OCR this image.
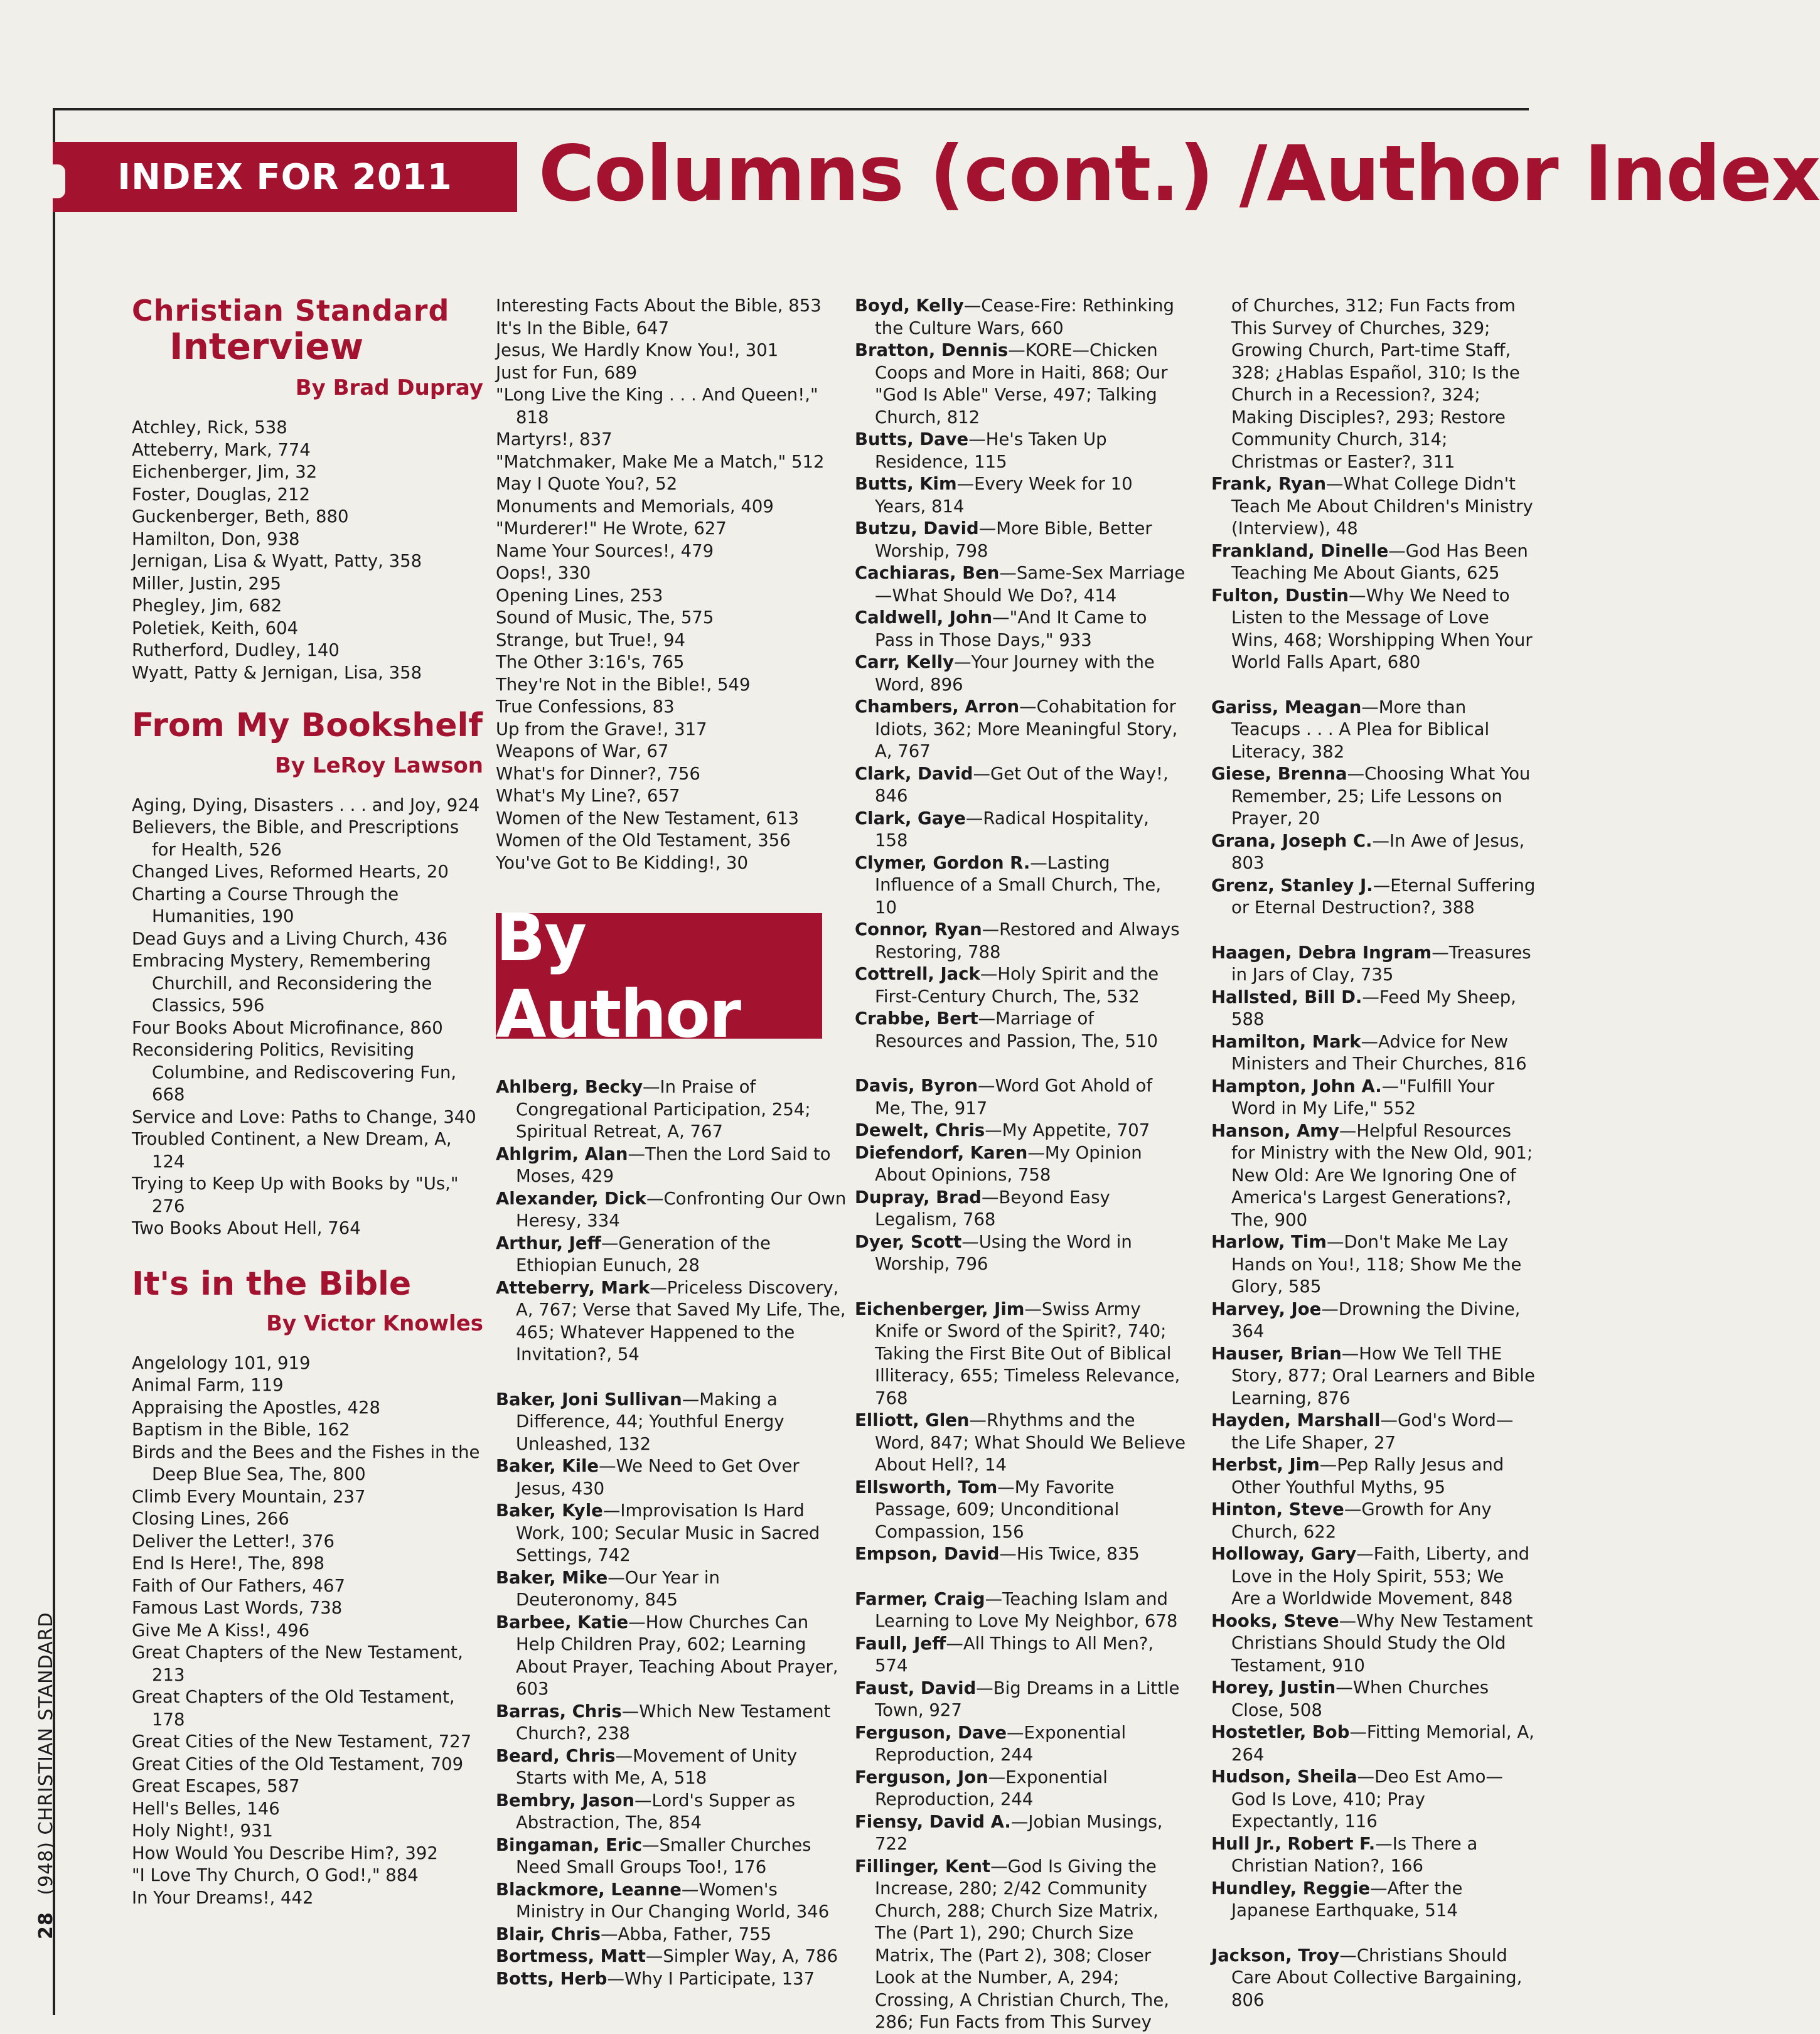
INDEX FOR 2011 Columns (cont.) /Author Index
28 (948) CHRISTIAN STANDARD
Christian Standard
Interview
By Brad Dupray
Atchley, Rick, 538
Atteberry, Mark, 774
Eichenberger, Jim, 32
Foster, Douglas, 212
Guckenberger, Beth, 880
Hamilton, Don, 938
Jernigan, Lisa & Wyatt, Patty, 358
Miller, Justin, 295
Phegley, Jim, 682
Poletiek, Keith, 604
Rutherford, Dudley, 140
Wyatt, Patty & Jernigan, Lisa, 358
From My Bookshelf
By LeRoy Lawson
Aging, Dying, Disasters . . . and Joy, 924
Believers, the Bible, and Prescriptions for Health, 526
Changed Lives, Reformed Hearts, 20
Charting a Course Through the Humanities, 190
Dead Guys and a Living Church, 436
Embracing Mystery, Remembering Churchill, and Reconsidering the Classics, 596
Four Books About Microfinance, 860
Reconsidering Politics, Revisiting Columbine, and Rediscovering Fun, 668
Service and Love: Paths to Change, 340
Troubled Continent, a New Dream, A, 124
Trying to Keep Up with Books by "Us," 276
Two Books About Hell, 764
It's in the Bible
By Victor Knowles
Angelology 101, 919
Animal Farm, 119
Appraising the Apostles, 428
Baptism in the Bible, 162
Birds and the Bees and the Fishes in the Deep Blue Sea, The, 800
Climb Every Mountain, 237
Closing Lines, 266
Deliver the Letter!, 376
End Is Here!, The, 898
Faith of Our Fathers, 467
Famous Last Words, 738
Give Me A Kiss!, 496
Great Chapters of the New Testament, 213
Great Chapters of the Old Testament, 178
Great Cities of the New Testament, 727
Great Cities of the Old Testament, 709
Great Escapes, 587
Hell's Belles, 146
Holy Night!, 931
How Would You Describe Him?, 392
"I Love Thy Church, O God!," 884
In Your Dreams!, 442
Interesting Facts About the Bible, 853
It's In the Bible, 647
Jesus, We Hardly Know You!, 301
Just for Fun, 689
"Long Live the King . . . And Queen!," 818
Martyrs!, 837
"Matchmaker, Make Me a Match," 512
May I Quote You?, 52
Monuments and Memorials, 409
"Murderer!" He Wrote, 627
Name Your Sources!, 479
Oops!, 330
Opening Lines, 253
Sound of Music, The, 575
Strange, but True!, 94
The Other 3:16's, 765
They're Not in the Bible!, 549
True Confessions, 83
Up from the Grave!, 317
Weapons of War, 67
What's for Dinner?, 756
What's My Line?, 657
Women of the New Testament, 613
Women of the Old Testament, 356
You've Got to Be Kidding!, 30
By Author
Ahlberg, Becky—In Praise of Congregational Participation, 254; Spiritual Retreat, A, 767
Ahlgrim, Alan—Then the Lord Said to Moses, 429
Alexander, Dick—Confronting Our Own Heresy, 334
Arthur, Jeff—Generation of the Ethiopian Eunuch, 28
Atteberry, Mark—Priceless Discovery, A, 767; Verse that Saved My Life, The, 465; Whatever Happened to the Invitation?, 54
Baker, Joni Sullivan—Making a Difference, 44; Youthful Energy Unleashed, 132
Baker, Kile—We Need to Get Over Jesus, 430
Baker, Kyle—Improvisation Is Hard Work, 100; Secular Music in Sacred Settings, 742
Baker, Mike—Our Year in Deuteronomy, 845
Barbee, Katie—How Churches Can Help Children Pray, 602; Learning About Prayer, Teaching About Prayer, 603
Barras, Chris—Which New Testament Church?, 238
Beard, Chris—Movement of Unity Starts with Me, A, 518
Bembry, Jason—Lord's Supper as Abstraction, The, 854
Bingaman, Eric—Smaller Churches Need Small Groups Too!, 176
Blackmore, Leanne—Women's Ministry in Our Changing World, 346
Blair, Chris—Abba, Father, 755
Bortmess, Matt—Simpler Way, A, 786
Botts, Herb—Why I Participate, 137
Boyd, Kelly—Cease-Fire: Rethinking the Culture Wars, 660
Bratton, Dennis—KORE—Chicken Coops and More in Haiti, 868; Our "God Is Able" Verse, 497; Talking Church, 812
Butts, Dave—He's Taken Up Residence, 115
Butts, Kim—Every Week for 10 Years, 814
Butzu, David—More Bible, Better Worship, 798
Cachiaras, Ben—Same-Sex Marriage—What Should We Do?, 414
Caldwell, John—"And It Came to Pass in Those Days," 933
Carr, Kelly—Your Journey with the Word, 896
Chambers, Arron—Cohabitation for Idiots, 362; More Meaningful Story, A, 767
Clark, David—Get Out of the Way!, 846
Clark, Gaye—Radical Hospitality, 158
Clymer, Gordon R.—Lasting Influence of a Small Church, The, 10
Connor, Ryan—Restored and Always Restoring, 788
Cottrell, Jack—Holy Spirit and the First-Century Church, The, 532
Crabbe, Bert—Marriage of Resources and Passion, The, 510
Davis, Byron—Word Got Ahold of Me, The, 917
Dewelt, Chris—My Appetite, 707
Diefendorf, Karen—My Opinion About Opinions, 758
Dupray, Brad—Beyond Easy Legalism, 768
Dyer, Scott—Using the Word in Worship, 796
Eichenberger, Jim—Swiss Army Knife or Sword of the Spirit?, 740; Taking the First Bite Out of Biblical Illiteracy, 655; Timeless Relevance, 768
Elliott, Glen—Rhythms and the Word, 847; What Should We Believe About Hell?, 14
Ellsworth, Tom—My Favorite Passage, 609; Unconditional Compassion, 156
Empson, David—His Twice, 835
Farmer, Craig—Teaching Islam and Learning to Love My Neighbor, 678
Faull, Jeff—All Things to All Men?, 574
Faust, David—Big Dreams in a Little Town, 927
Ferguson, Dave—Exponential Reproduction, 244
Ferguson, Jon—Exponential Reproduction, 244
Fiensy, David A.—Jobian Musings, 722
Fillinger, Kent—God Is Giving the Increase, 280; 2/42 Community Church, 288; Church Size Matrix, The (Part 1), 290; Church Size Matrix, The (Part 2), 308; Closer Look at the Number, A, 294; Crossing, A Christian Church, The, 286; Fun Facts from This Survey
of Churches, 312; Fun Facts from This Survey of Churches, 329; Growing Church, Part-time Staff, 328; ¿Hablas Español, 310; Is the Church in a Recession?, 324; Making Disciples?, 293; Restore Community Church, 314; Christmas or Easter?, 311
Frank, Ryan—What College Didn't Teach Me About Children's Ministry (Interview), 48
Frankland, Dinelle—God Has Been Teaching Me About Giants, 625
Fulton, Dustin—Why We Need to Listen to the Message of Love Wins, 468; Worshipping When Your World Falls Apart, 680
Gariss, Meagan—More than Teacups . . . A Plea for Biblical Literacy, 382
Giese, Brenna—Choosing What You Remember, 25; Life Lessons on Prayer, 20
Grana, Joseph C.—In Awe of Jesus, 803
Grenz, Stanley J.—Eternal Suffering or Eternal Destruction?, 388
Haagen, Debra Ingram—Treasures in Jars of Clay, 735
Hallsted, Bill D.—Feed My Sheep, 588
Hamilton, Mark—Advice for New Ministers and Their Churches, 816
Hampton, John A.—"Fulfill Your Word in My Life," 552
Hanson, Amy—Helpful Resources for Ministry with the New Old, 901; New Old: Are We Ignoring One of America's Largest Generations?, The, 900
Harlow, Tim—Don't Make Me Lay Hands on You!, 118; Show Me the Glory, 585
Harvey, Joe—Drowning the Divine, 364
Hauser, Brian—How We Tell THE Story, 877; Oral Learners and Bible Learning, 876
Hayden, Marshall—God's Word—the Life Shaper, 27
Herbst, Jim—Pep Rally Jesus and Other Youthful Myths, 95
Hinton, Steve—Growth for Any Church, 622
Holloway, Gary—Faith, Liberty, and Love in the Holy Spirit, 553; We Are a Worldwide Movement, 848
Hooks, Steve—Why New Testament Christians Should Study the Old Testament, 910
Horey, Justin—When Churches Close, 508
Hostetler, Bob—Fitting Memorial, A, 264
Hudson, Sheila—Deo Est Amo—God Is Love, 410; Pray Expectantly, 116
Hull Jr., Robert F.—Is There a Christian Nation?, 166
Hundley, Reggie—After the Japanese Earthquake, 514
Jackson, Troy—Christians Should Care About Collective Bargaining, 806
